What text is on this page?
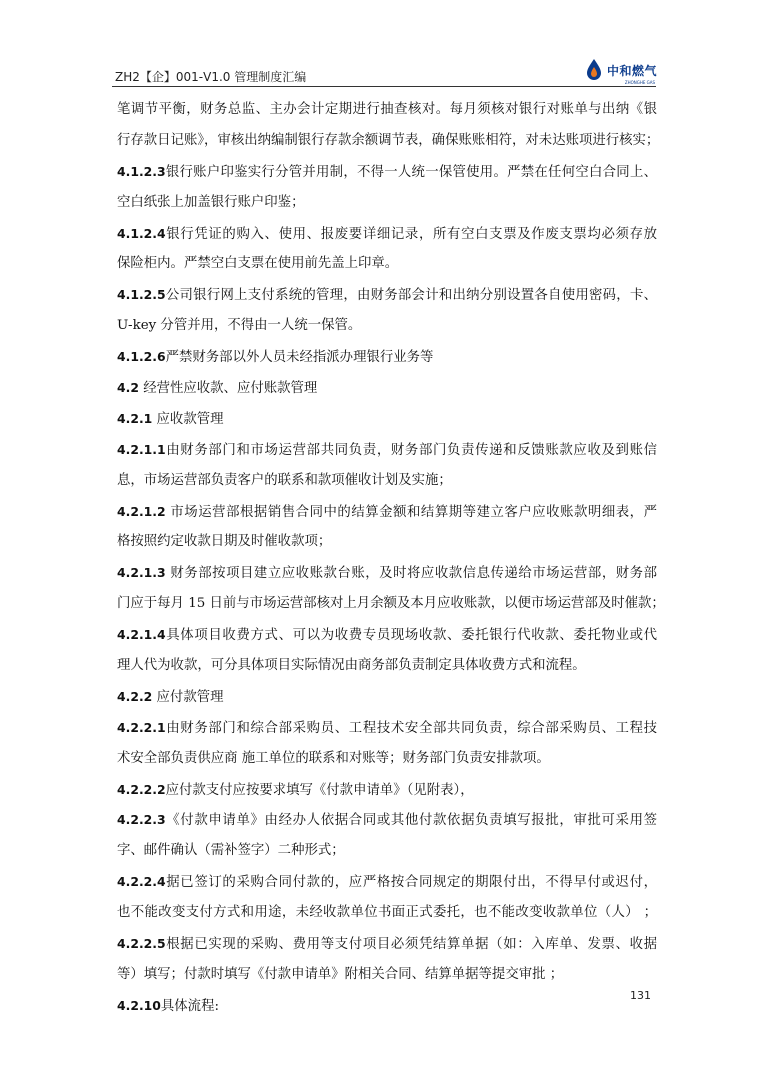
ZH2【企】001-V1.0 管理制度汇编	中和燃气
ZHONGHE GAS
笔调节平衡，财务总监、主办会计定期进行抽查核对。每月须核对银行对账单与出纳《银
行存款日记账》，审核出纳编制银行存款余额调节表，确保账账相符，对未达账项进行核实；
4.1.2.3银行账户印鉴实行分管并用制，不得一人统一保管使用。严禁在任何空白合同上、
空白纸张上加盖银行账户印鉴；
4.1.2.4银行凭证的购入、使用、报废要详细记录，所有空白支票及作废支票均必须存放
保险柜内。严禁空白支票在使用前先盖上印章。
4.1.2.5公司银行网上支付系统的管理，由财务部会计和出纳分别设置各自使用密码，卡、
U-key 分管并用，不得由一人统一保管。
4.1.2.6严禁财务部以外人员未经指派办理银行业务等
4.2 经营性应收款、应付账款管理
4.2.1 应收款管理
4.2.1.1由财务部门和市场运营部共同负责，财务部门负责传递和反馈账款应收及到账信
息，市场运营部负责客户的联系和款项催收计划及实施；
4.2.1.2 市场运营部根据销售合同中的结算金额和结算期等建立客户应收账款明细表，严
格按照约定收款日期及时催收款项；
4.2.1.3 财务部按项目建立应收账款台账，及时将应收款信息传递给市场运营部，财务部
门应于每月 15 日前与市场运营部核对上月余额及本月应收账款，以便市场运营部及时催款；
4.2.1.4具体项目收费方式、可以为收费专员现场收款、委托银行代收款、委托物业或代
理人代为收款，可分具体项目实际情况由商务部负责制定具体收费方式和流程。
4.2.2 应付款管理
4.2.2.1由财务部门和综合部采购员、工程技术安全部共同负责，综合部采购员、工程技
术安全部负责供应商 施工单位的联系和对账等；财务部门负责安排款项。
4.2.2.2应付款支付应按要求填写《付款申请单》（见附表），
4.2.2.3《付款申请单》由经办人依据合同或其他付款依据负责填写报批，审批可采用签
字、邮件确认（需补签字）二种形式；
4.2.2.4据已签订的采购合同付款的，应严格按合同规定的期限付出，不得早付或迟付，
也不能改变支付方式和用途，未经收款单位书面正式委托，也不能改变收款单位（人） ；
4.2.2.5根据已实现的采购、费用等支付项目必须凭结算单据（如：入库单、发票、收据
等）填写；付款时填写《付款申请单》附相关合同、结算单据等提交审批 ；
4.2.10具体流程:
131
